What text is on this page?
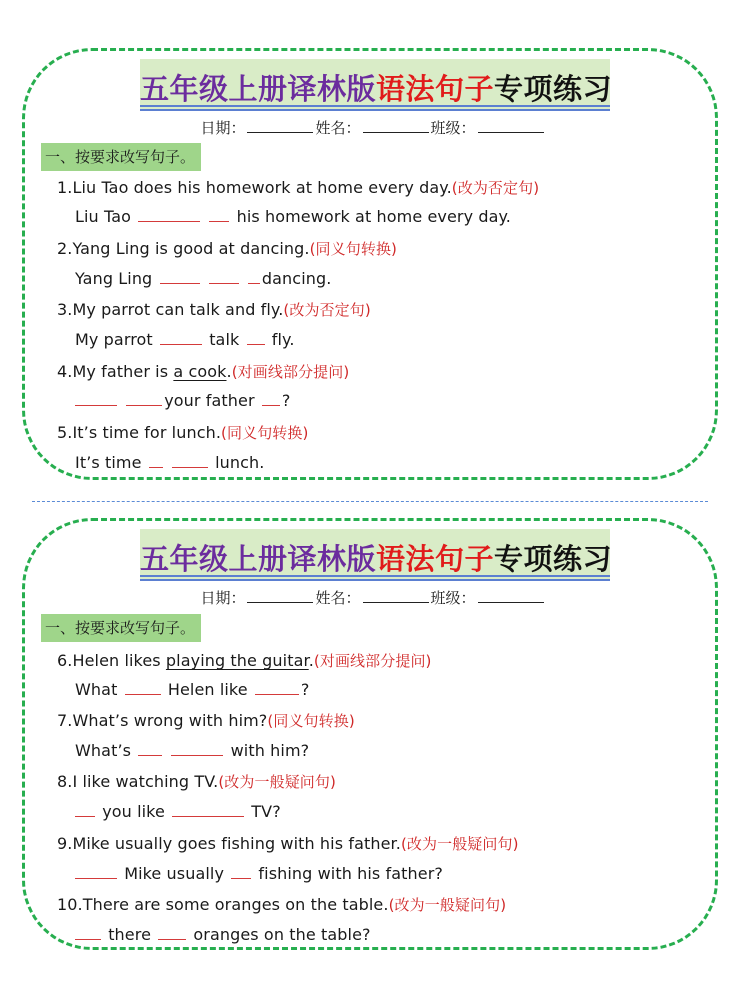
五年级上册译林版语法句子专项练习
日期：	姓名：	班级：
一、按要求改写句子。
1.Liu Tao does his homework at home every day.(改为否定句)
Liu Tao	his homework at home every day.
2.Yang Ling is good at dancing.(同义句转换)
Yang Ling	dancing.
3.My parrot can talk and fly.(改为否定句)
My parrot	talk fly.
4.My father is a cook.(对画线部分提问)
your father ?
5.It’s time for lunch.(同义句转换)
It’s time	lunch.
五年级上册译林版语法句子专项练习
日期：	姓名：	班级：
一、按要求改写句子。
6.Helen likes playing the guitar.(对画线部分提问)
What	Helen like	?
7.What’s wrong with him?(同义句转换)
What’s	with him?
8.I like watching TV.(改为一般疑问句)
you like	TV?
9.Mike usually goes fishing with his father.(改为一般疑问句)
Mike usually fishing with his father?
10.There are some oranges on the table.(改为一般疑问句)
there	oranges on the table?
